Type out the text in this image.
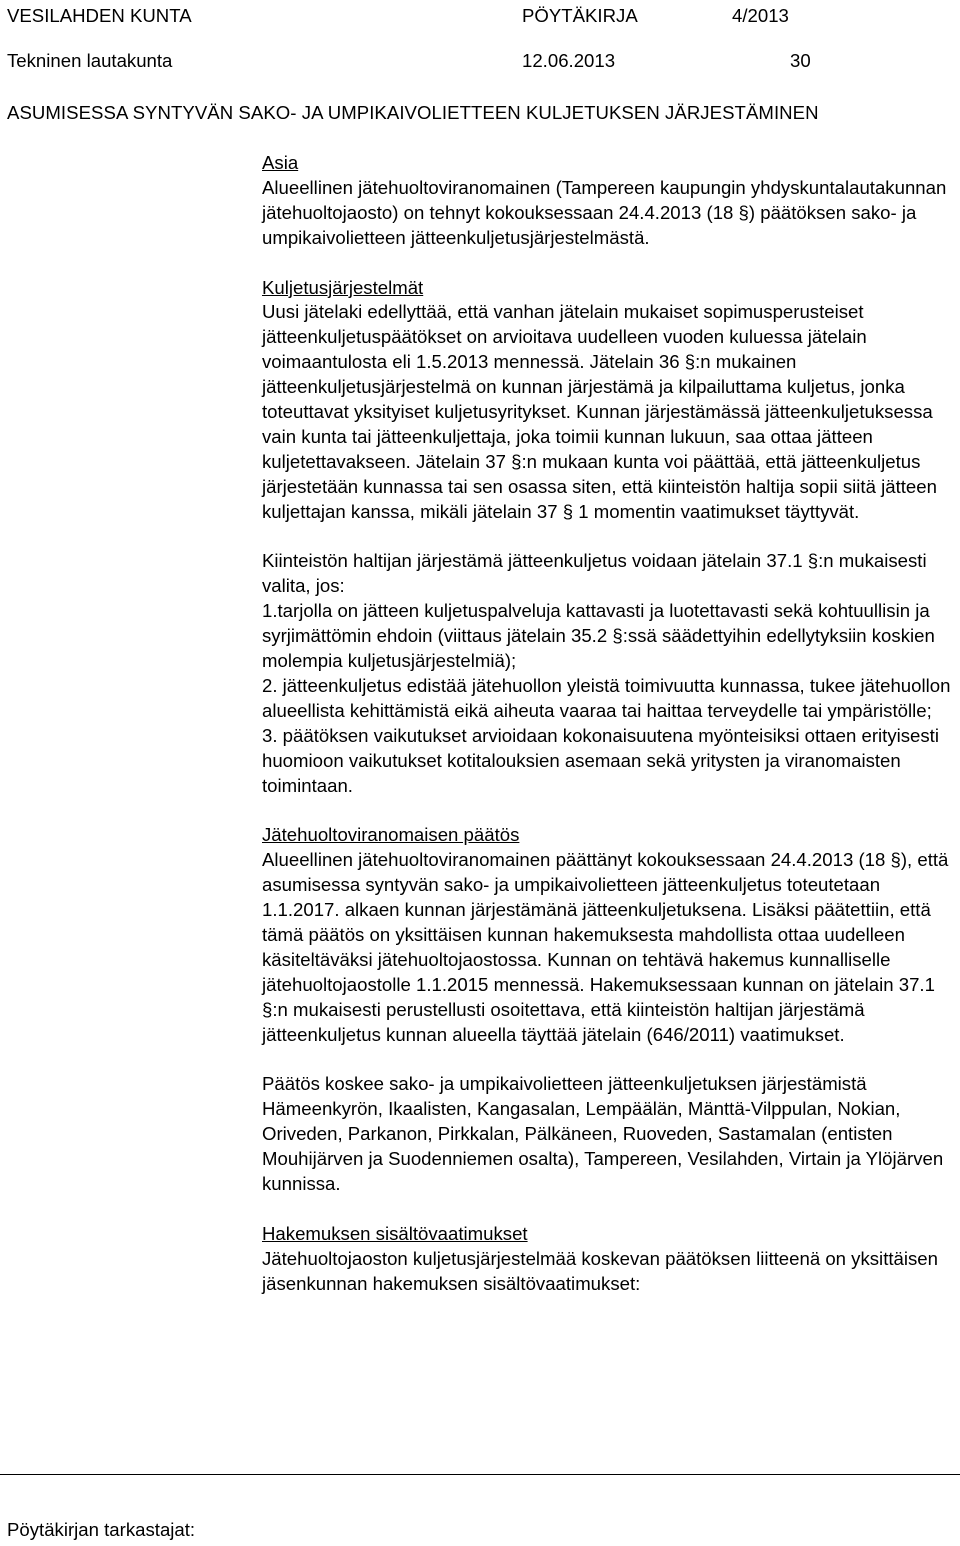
VESILAHDEN KUNTA	PÖYTÄKIRJA	4/2013
Tekninen lautakunta	12.06.2013	30
ASUMISESSA SYNTYVÄN SAKO- JA UMPIKAIVOLIETTEEN KULJETUKSEN JÄRJESTÄMINEN

Asia

Alueellinen jätehuoltoviranomainen (Tampereen kaupungin yhdyskuntalautakunnan jätehuoltojaosto) on tehnyt kokouksessaan 24.4.2013 (18 §) päätöksen sako- ja umpikaivolietteen jätteenkuljetusjärjestelmästä.

Kuljetusjärjestelmät

Uusi jätelaki edellyttää, että vanhan jätelain mukaiset sopimusperusteiset jätteenkuljetuspäätökset on arvioitava uudelleen vuoden kuluessa jätelain voimaantulosta eli 1.5.2013 mennessä. Jätelain 36 §:n mukainen jätteenkuljetusjärjestelmä on kunnan järjestämä ja kilpailuttama kuljetus, jonka toteuttavat yksityiset kuljetusyritykset. Kunnan järjestämässä jätteenkuljetuksessa vain kunta tai jätteenkuljettaja, joka toimii kunnan lukuun, saa ottaa jätteen kuljetettavakseen. Jätelain 37 §:n mukaan kunta voi päättää, että jätteenkuljetus järjestetään kunnassa tai sen osassa siten, että kiinteistön haltija sopii siitä jätteen kuljettajan kanssa, mikäli jätelain 37 § 1 momentin vaatimukset täyttyvät.

Kiinteistön haltijan järjestämä jätteenkuljetus voidaan jätelain 37.1 §:n mukaisesti valita, jos:

1.tarjolla on jätteen kuljetuspalveluja kattavasti ja luotettavasti sekä kohtuullisin ja syrjimättömin ehdoin (viittaus jätelain 35.2 §:ssä säädettyihin edellytyksiin koskien molempia kuljetusjärjestelmiä);

2. jätteenkuljetus edistää jätehuollon yleistä toimivuutta kunnassa, tukee jätehuollon alueellista kehittämistä eikä aiheuta vaaraa tai haittaa terveydelle tai ympäristölle;

3. päätöksen vaikutukset arvioidaan kokonaisuutena myönteisiksi ottaen erityisesti huomioon vaikutukset kotitalouksien asemaan sekä yritysten ja viranomaisten toimintaan.

Jätehuoltoviranomaisen päätös

Alueellinen jätehuoltoviranomainen päättänyt kokouksessaan 24.4.2013 (18 §), että asumisessa syntyvän sako- ja umpikaivolietteen jätteenkuljetus toteutetaan 1.1.2017. alkaen kunnan järjestämänä jätteenkuljetuksena. Lisäksi päätettiin, että tämä päätös on yksittäisen kunnan hakemuksesta mahdollista ottaa uudelleen käsiteltäväksi jätehuoltojaostossa. Kunnan on tehtävä hakemus kunnalliselle jätehuoltojaostolle 1.1.2015 mennessä. Hakemuksessaan kunnan on jätelain 37.1 §:n mukaisesti perustellusti osoitettava, että kiinteistön haltijan järjestämä jätteenkuljetus kunnan alueella täyttää jätelain (646/2011) vaatimukset.

Päätös koskee sako- ja umpikaivolietteen jätteenkuljetuksen järjestämistä Hämeenkyrön, Ikaalisten, Kangasalan, Lempäälän, Mänttä-Vilppulan, Nokian, Oriveden, Parkanon, Pirkkalan, Pälkäneen, Ruoveden, Sastamalan (entisten Mouhijärven ja Suodenniemen osalta), Tampereen, Vesilahden, Virtain ja Ylöjärven kunnissa.

Hakemuksen sisältövaatimukset

Jätehuoltojaoston kuljetusjärjestelmää koskevan päätöksen liitteenä on yksittäisen jäsenkunnan hakemuksen sisältövaatimukset:

Pöytäkirjan tarkastajat:
